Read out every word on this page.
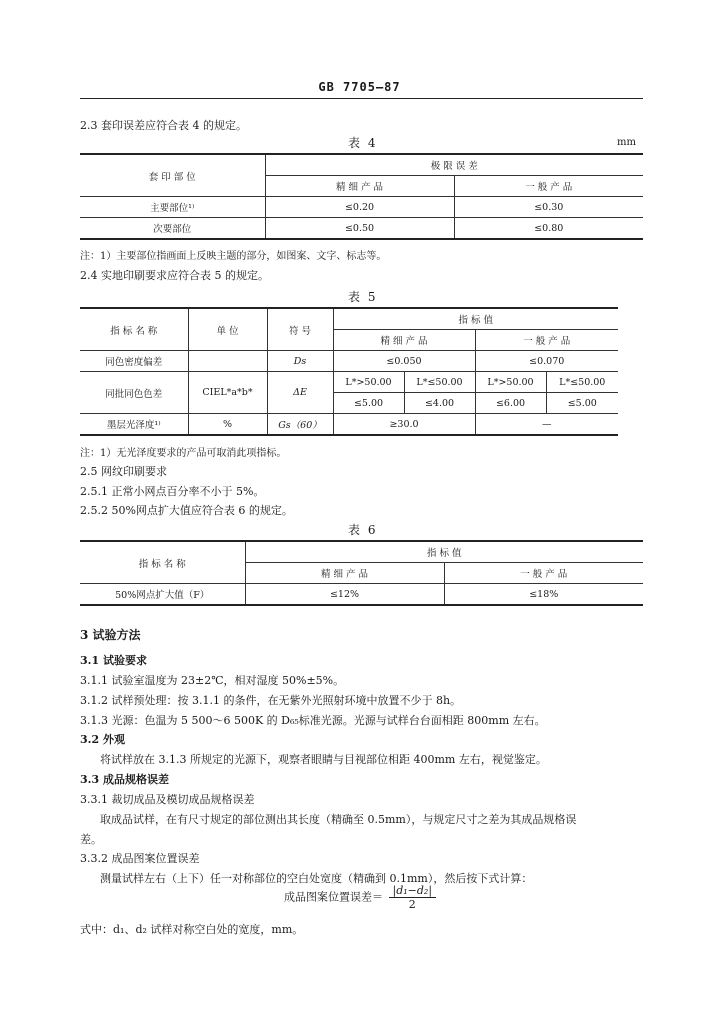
GB 7705—87
2.3 套印误差应符合表 4 的规定。
表 4	mm
套 印 部 位	极 限 误 差	
	精 细 产 品	一 般 产 品
主要部位¹⁾	≤0.20	≤0.30
次要部位	≤0.50	≤0.80
注：1）主要部位指画面上反映主题的部分，如图案、文字、标志等。
2.4 实地印刷要求应符合表 5 的规定。
表 5
指 标 名 称	单 位	符 号	指 标 值			
			精 细 产 品		一 般 产 品	
同色密度偏差		Ds	≤0.050		≤0.070	
同批同色色差	CIEL*a*b*	ΔE	L*>50.00	L*≤50.00	L*>50.00	L*≤50.00
			≤5.00	≤4.00	≤6.00	≤5.00
墨层光泽度¹⁾	%	Gs（60）	≥30.0		—	
注：1）无光泽度要求的产品可取消此项指标。
2.5 网纹印刷要求
2.5.1 正常小网点百分率不小于 5%。
2.5.2 50%网点扩大值应符合表 6 的规定。
表 6
指 标 名 称	指 标 值	
	精 细 产 品	一 般 产 品
50%网点扩大值（F）	≤12%	≤18%
3 试验方法
3.1 试验要求
3.1.1 试验室温度为 23±2℃，相对湿度 50%±5%。
3.1.2 试样预处理：按 3.1.1 的条件，在无紫外光照射环境中放置不少于 8h。
3.1.3 光源：色温为 5 500～6 500K 的 D₆₅标准光源。光源与试样台台面相距 800mm 左右。
3.2 外观
将试样放在 3.1.3 所规定的光源下，观察者眼睛与目视部位相距 400mm 左右，视觉鉴定。
3.3 成品规格误差
3.3.1 裁切成品及模切成品规格误差
取成品试样，在有尺寸规定的部位测出其长度（精确至 0.5mm），与规定尺寸之差为其成品规格误
差。
3.3.2 成品图案位置误差
测量试样左右（上下）任一对称部位的空白处宽度（精确到 0.1mm），然后按下式计算：
成品图案位置误差＝ $\frac{\text{|d₁−d₂|}}{2}$
式中：d₁、d₂ 试样对称空白处的宽度，mm。
